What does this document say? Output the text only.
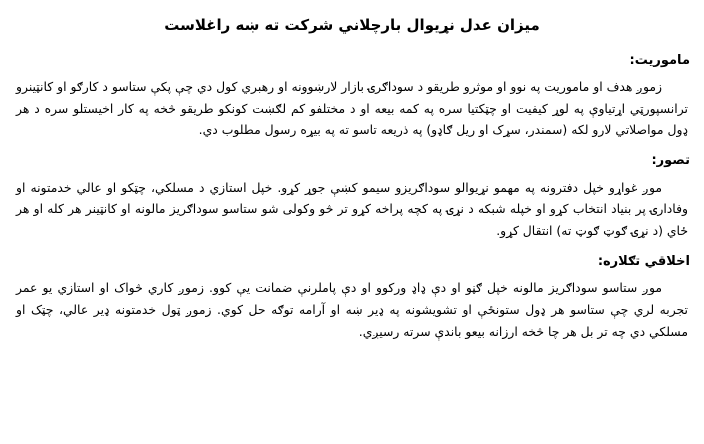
ميزان عدل نړيوال بارچلاني شرکت ته ښه راغلاست
ماموريت:

زموږ هدف او ماموريت په نوو او موثرو طريقو د سوداګرۍ بازار لارښوونه او رهبري کول دي چې پکې ستاسو د کارګو او کانټينرو ترانسپورټي اړتياوې په لوړ کيفيت او چټکتيا سره په کمه بيعه او د مختلفو کم لګښت کونکو طريقو څخه په کار اخيستلو سره د هر ډول مواصلاتي لارو لکه (سمندر، سړک او ريل ګاډو) په ذريعه تاسو ته په بيړه رسول مطلوب دي.

تصور:

موږ غواړو خپل دفترونه په مهمو نړيوالو سوداګريزو سيمو کښې جوړ کړو. خپل استازي د مسلکي، چټکو او عالي خدمتونه او وفادارۍ پر بنياد انتخاب کړو او خپله شبکه د نړۍ په کچه پراخه کړو تر څو وکولی شو ستاسو سوداګريز مالونه او کانټينر هر کله او هر ځاي (د نړۍ ګوټ ګوټ ته) انتقال کړو.

اخلاقي تګلاره:

موږ ستاسو سوداګريز مالونه خپل ګڼو او دې ډاډ ورکوو او دې پاملرنې ضمانت يې کوو. زموږ کاري څواک او استازي يو عمر تجربه لري چې ستاسو هر ډول ستونځې او تشويشونه په ډير ښه او آرامه توګه حل کوي. زموږ ټول خدمتونه ډير عالي، چټک او مسلکي دي چه تر بل هر چا څخه ارزانه بيعو باندې سرته رسيږي.
